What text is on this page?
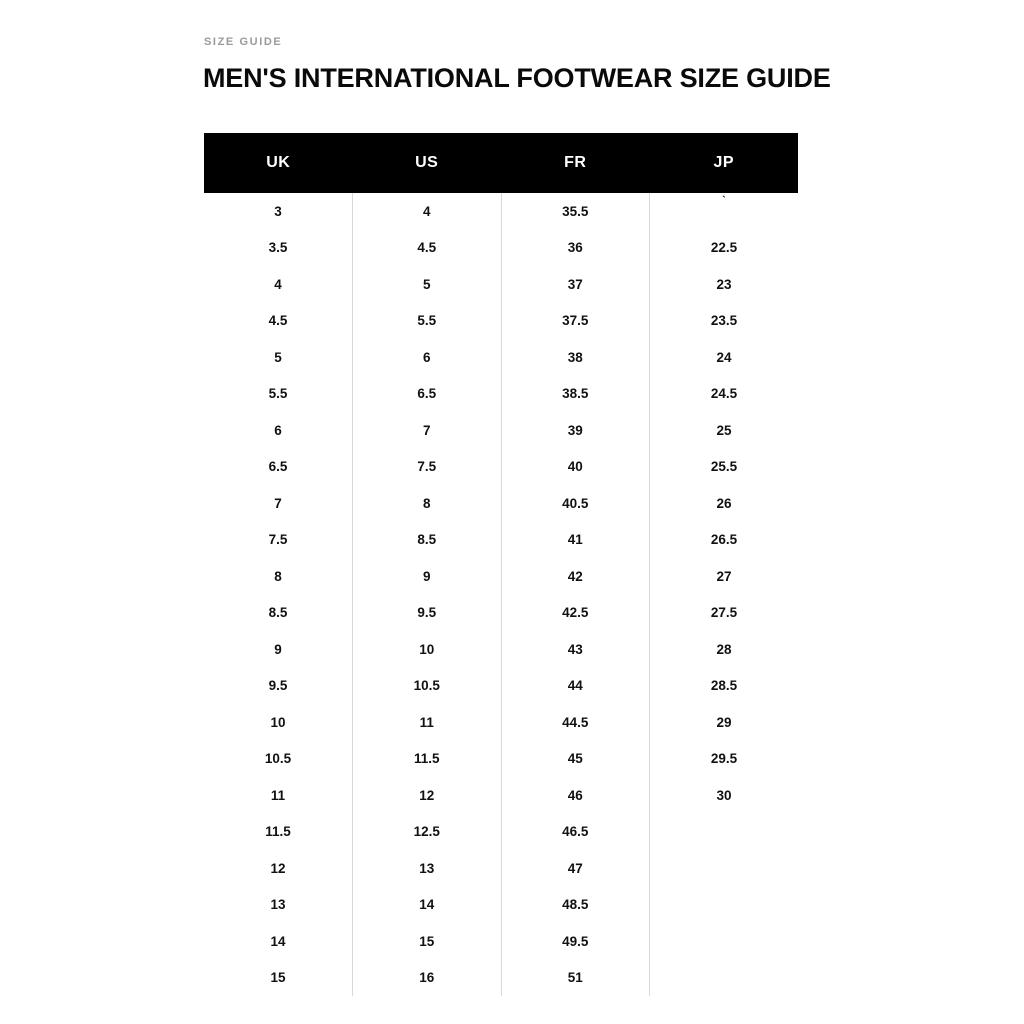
SIZE GUIDE
MEN'S INTERNATIONAL FOOTWEAR SIZE GUIDE
UK	US	FR	JP
3	4	35.5	`
3.5	4.5	36	22.5
4	5	37	23
4.5	5.5	37.5	23.5
5	6	38	24
5.5	6.5	38.5	24.5
6	7	39	25
6.5	7.5	40	25.5
7	8	40.5	26
7.5	8.5	41	26.5
8	9	42	27
8.5	9.5	42.5	27.5
9	10	43	28
9.5	10.5	44	28.5
10	11	44.5	29
10.5	11.5	45	29.5
11	12	46	30
11.5	12.5	46.5	
12	13	47	
13	14	48.5	
14	15	49.5	
15	16	51	
